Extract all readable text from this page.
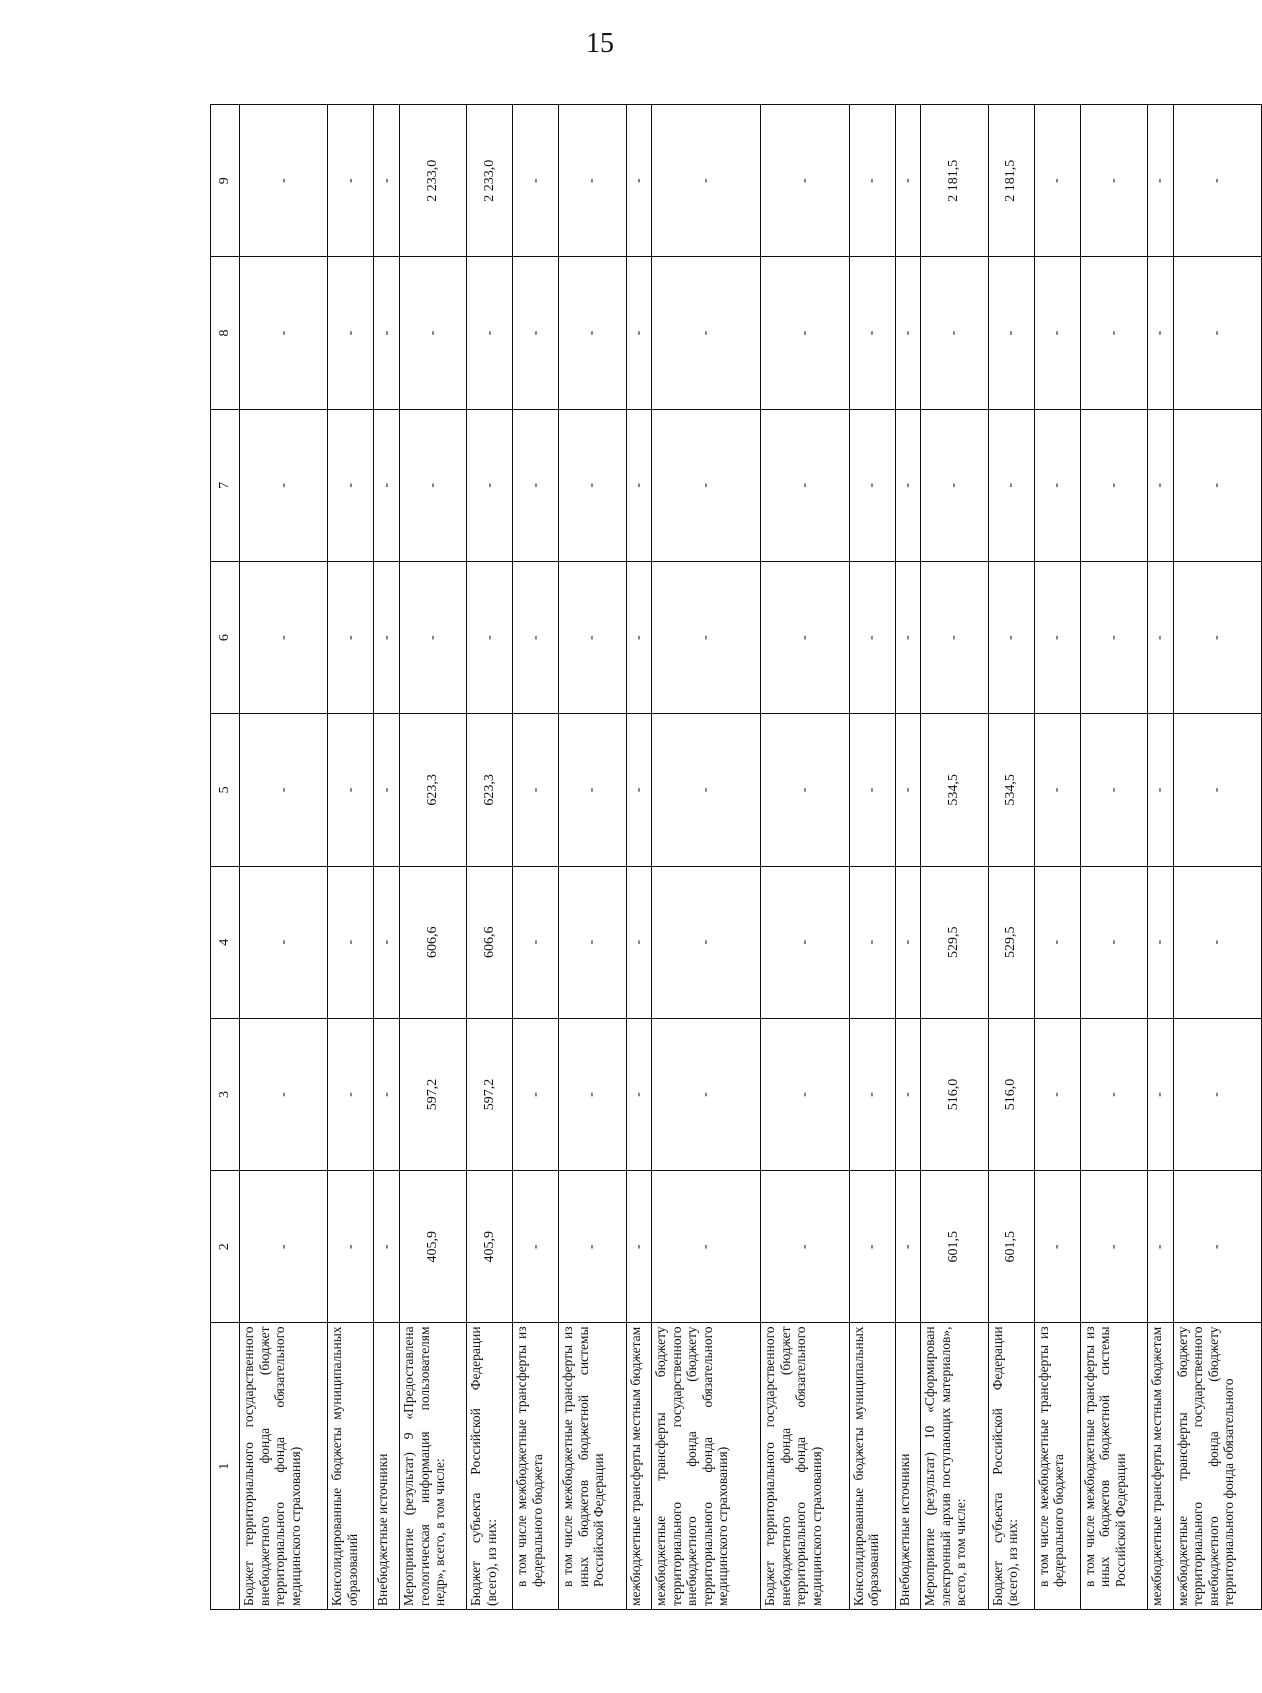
15
1	2	3	4	5	6	7	8	9
Бюджет территориального государственного внебюджетного фонда (бюджет территориального фонда обязательного медицинского страхования)	-	-	-	-	-	-	-	-
Консолидированные бюджеты муниципальных образований	-	-	-	-	-	-	-	-
Внебюджетные источники	-	-	-	-	-	-	-	-
Мероприятие (результат) 9 «Предоставлена геологическая информация пользователям недр», всего, в том числе:	405,9	597,2	606,6	623,3	-	-	-	2 233,0
Бюджет субъекта Российской Федерации (всего), из них:	405,9	597,2	606,6	623,3	-	-	-	2 233,0
в том числе межбюджетные трансферты из федерального бюджета	-	-	-	-	-	-	-	-
в том числе межбюджетные трансферты из иных бюджетов бюджетной системы Российской Федерации	-	-	-	-	-	-	-	-
межбюджетные трансферты местным бюджетам	-	-	-	-	-	-	-	-
межбюджетные трансферты бюджету территориального государственного внебюджетного фонда (бюджету территориального фонда обязательного медицинского страхования)	-	-	-	-	-	-	-	-
Бюджет территориального государственного внебюджетного фонда (бюджет территориального фонда обязательного медицинского страхования)	-	-	-	-	-	-	-	-
Консолидированные бюджеты муниципальных образований	-	-	-	-	-	-	-	-
Внебюджетные источники	-	-	-	-	-	-	-	-
Мероприятие (результат) 10 «Сформирован электронный архив поступающих материалов», всего, в том числе:	601,5	516,0	529,5	534,5	-	-	-	2 181,5
Бюджет субъекта Российской Федерации (всего), из них:	601,5	516,0	529,5	534,5	-	-	-	2 181,5
в том числе межбюджетные трансферты из федерального бюджета	-	-	-	-	-	-	-	-
в том числе межбюджетные трансферты из иных бюджетов бюджетной системы Российской Федерации	-	-	-	-	-	-	-	-
межбюджетные трансферты местным бюджетам	-	-	-	-	-	-	-	-
межбюджетные трансферты бюджету территориального государственного внебюджетного фонда (бюджету территориального фонда обязательного	-	-	-	-	-	-	-	-
